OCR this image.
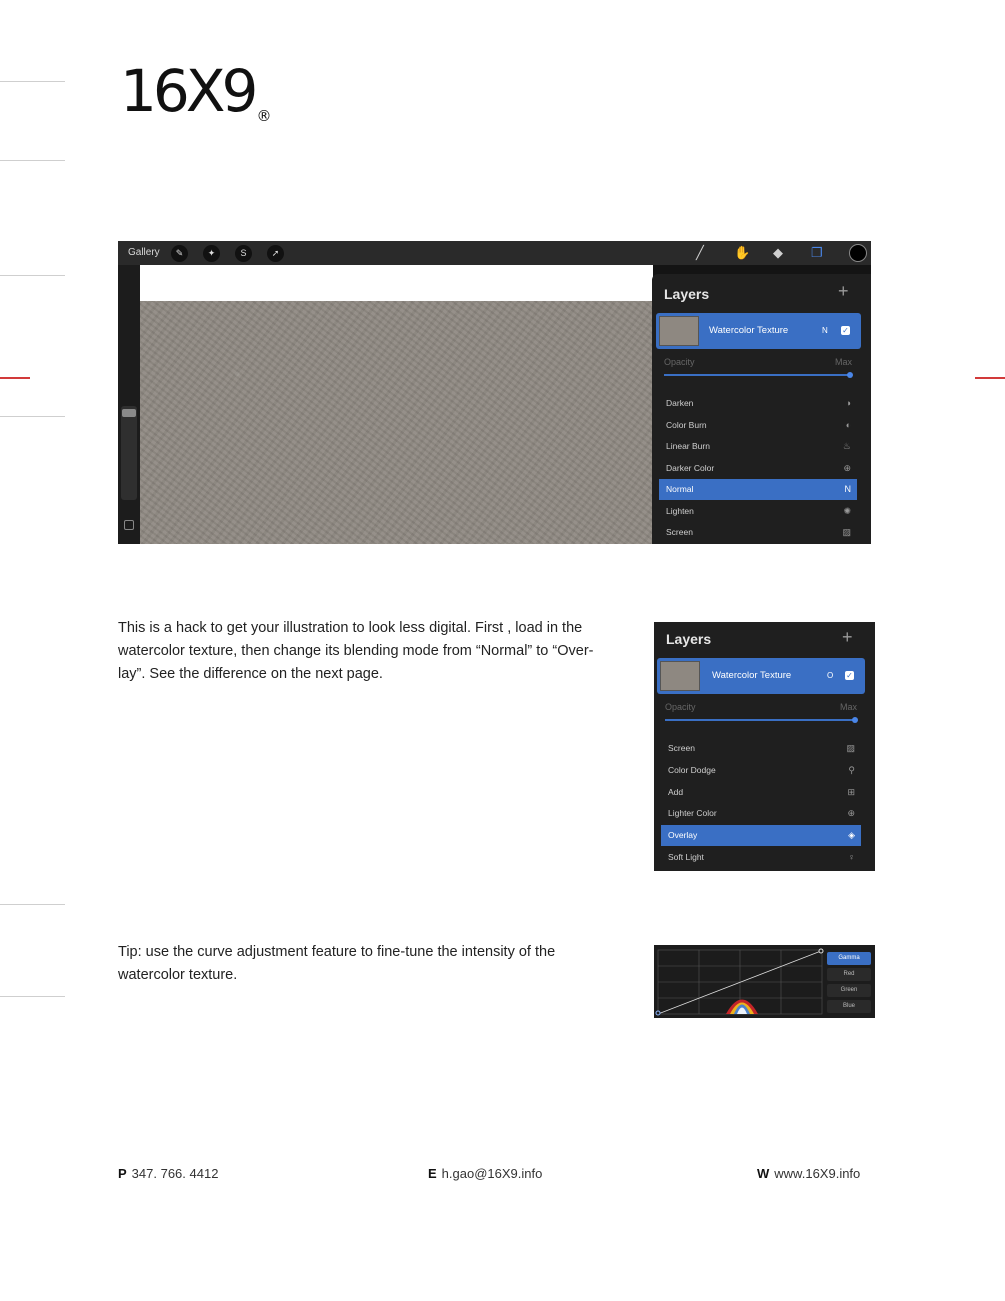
16X9 ®
Gallery	✎	✦	S	➚	╱ ✋ ◆ ❐
Layers	+
Watercolor Texture	N ✓
Opacity	Max
Darken	◑
Color Burn	◐
Linear Burn	♨
Darker Color	⊕
Normal	N
Lighten	✺
Screen	▨
This is a hack to get your illustration to look less digital. First , load in the watercolor texture, then change its blending mode from “Normal” to “Over-lay”. See the difference on the next page.
Layers	+
Watercolor Texture	O ✓
Opacity	Max
Screen	▨
Color Dodge	⚲
Add	⊞
Lighter Color	⊕
Overlay	◈
Soft Light	♀
Tip: use the curve adjustment feature to fine-tune the intensity of the watercolor texture.
Gamma
Red
Green
Blue
P 347. 766. 4412	E h.gao@16X9.info	W www.16X9.info
